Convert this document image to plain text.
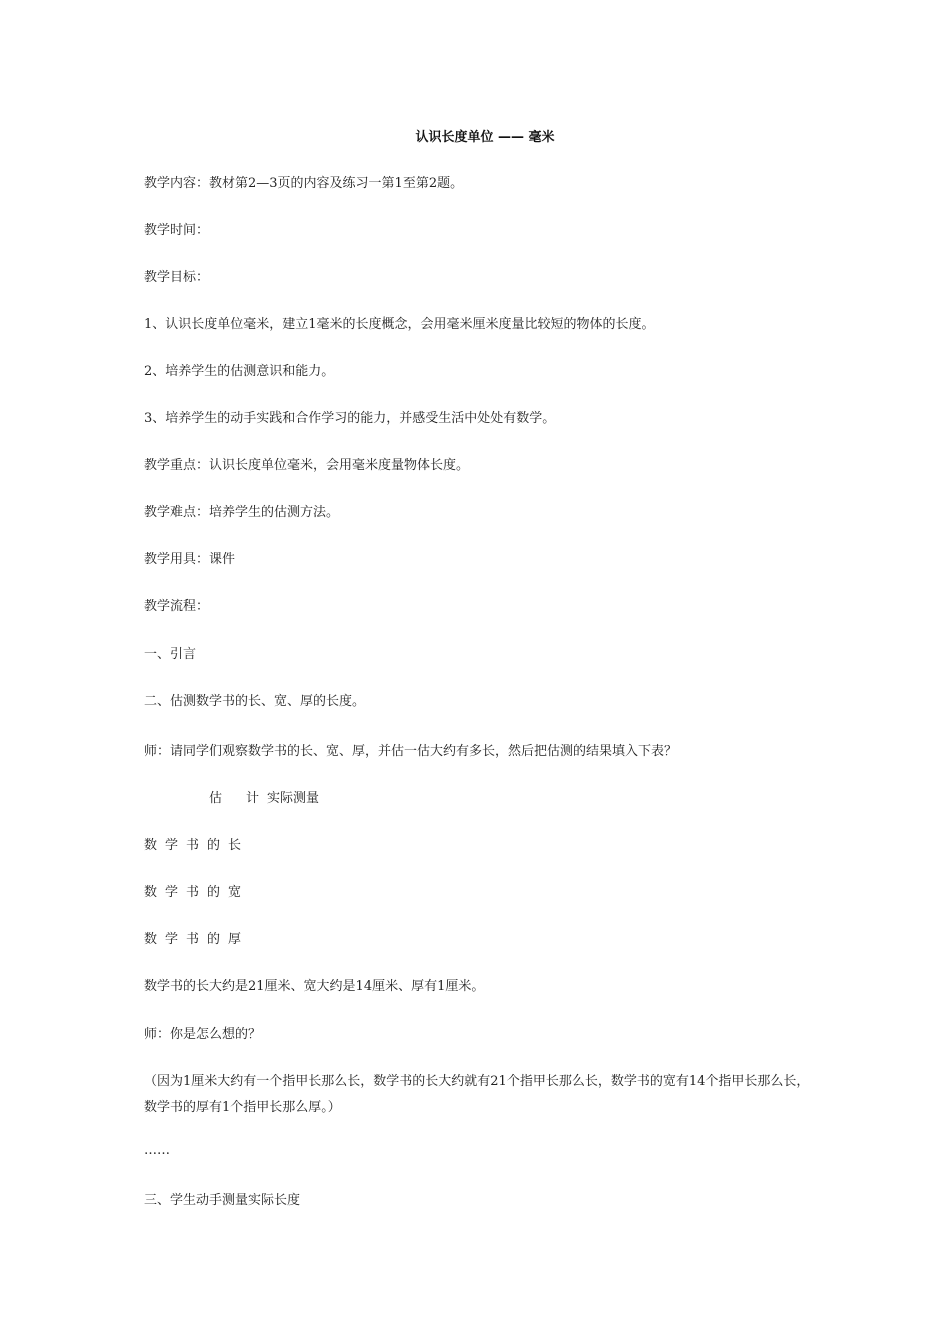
认识长度单位 —— 毫米
教学内容：教材第2—3页的内容及练习一第1至第2题。
教学时间：
教学目标：
1、认识长度单位毫米，建立1毫米的长度概念，会用毫米厘米度量比较短的物体的长度。
2、培养学生的估测意识和能力。
3、培养学生的动手实践和合作学习的能力，并感受生活中处处有数学。
教学重点：认识长度单位毫米，会用毫米度量物体长度。
教学难点：培养学生的估测方法。
教学用具：课件
教学流程：
一、引言
二、估测数学书的长、宽、厚的长度。
师：请同学们观察数学书的长、宽、厚，并估一估大约有多长，然后把估测的结果填入下表？
估 计 实际测量
数学书的长
数学书的宽
数学书的厚
数学书的长大约是21厘米、宽大约是14厘米、厚有1厘米。
师：你是怎么想的？
（因为1厘米大约有一个指甲长那么长，数学书的长大约就有21个指甲长那么长，数学书的宽有14个指甲长那么长，数学书的厚有1个指甲长那么厚。）
……
三、学生动手测量实际长度
